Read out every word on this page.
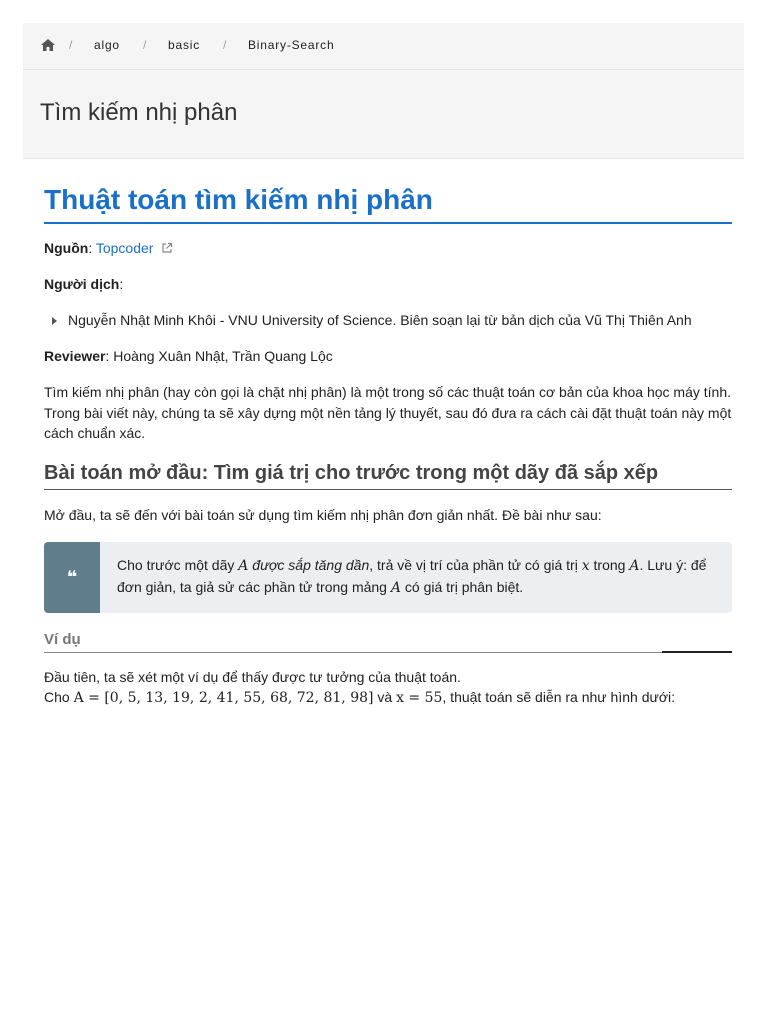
/ algo / basic / Binary-Search
Tìm kiếm nhị phân
Thuật toán tìm kiếm nhị phân
Nguồn: Topcoder
Người dịch:
Nguyễn Nhật Minh Khôi - VNU University of Science. Biên soạn lại từ bản dịch của Vũ Thị Thiên Anh
Reviewer: Hoàng Xuân Nhật, Trần Quang Lộc
Tìm kiếm nhị phân (hay còn gọi là chặt nhị phân) là một trong số các thuật toán cơ bản của khoa học máy tính. Trong bài viết này, chúng ta sẽ xây dựng một nền tảng lý thuyết, sau đó đưa ra cách cài đặt thuật toán này một cách chuẩn xác.
Bài toán mở đầu: Tìm giá trị cho trước trong một dãy đã sắp xếp
Mở đầu, ta sẽ đến với bài toán sử dụng tìm kiếm nhị phân đơn giản nhất. Đề bài như sau:
❝
Cho trước một dãy A được sắp tăng dần, trả về vị trí của phần tử có giá trị x trong A. Lưu ý: để đơn giản, ta giả sử các phần tử trong mảng A có giá trị phân biệt.
Ví dụ
Đầu tiên, ta sẽ xét một ví dụ để thấy được tư tưởng của thuật toán.
Cho A = [0, 5, 13, 19, 2, 41, 55, 68, 72, 81, 98] và x = 55, thuật toán sẽ diễn ra như hình dưới:
